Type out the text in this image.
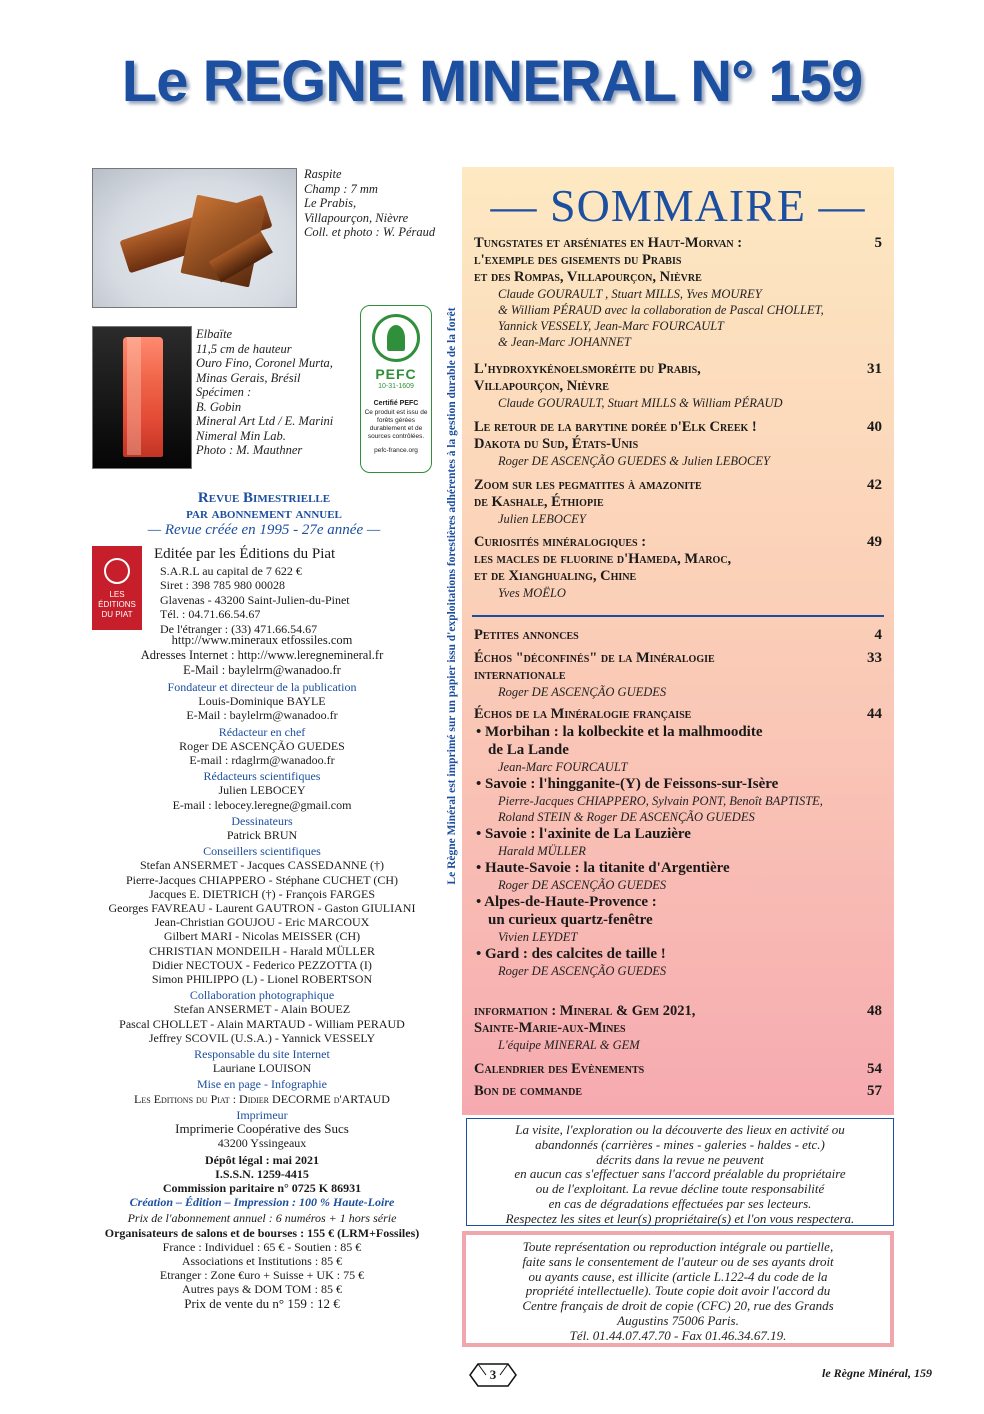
Le REGNE MINERAL N° 159
Raspite
Champ : 7 mm
Le Prabis,
Villapourçon, Nièvre
Coll. et photo : W. Péraud
Elbaïte
11,5 cm de hauteur
Ouro Fino, Coronel Murta,
Minas Gerais, Brésil
Spécimen :
B. Gobin
Mineral Art Ltd / E. Marini
Nimeral Min Lab.
Photo : M. Mauthner
PEFC
10-31-1609
Certifié PEFC
Ce produit est issu de forêts gérées durablement et de sources contrôlées.
pefc-france.org	Le Règne Minéral est imprimé sur un papier issu d'exploitations forestières adhérentes à la gestion durable de la forêt
Revue Bimestrielle
par abonnement annuel
— Revue créée en 1995 - 27e année —
LES ÉDITIONS DU PIAT
Editée par les Éditions du Piat
S.A.R.L au capital de 7 622 €
Siret : 398 785 980 00028
Glavenas - 43200 Saint-Julien-du-Pinet
Tél. : 04.71.66.54.67
De l'étranger : (33) 471.66.54.67
http://www.mineraux etfossiles.com
Adresses Internet : http://www.leregnemineral.fr
E-Mail : baylelrm@wanadoo.fr
Fondateur et directeur de la publication
Louis-Dominique BAYLE
E-Mail : baylelrm@wanadoo.fr
Rédacteur en chef
Roger DE ASCENÇÃO GUEDES
E-mail : rdaglrm@wanadoo.fr
Rédacteurs scientifiques
Julien LEBOCEY
E-mail : lebocey.leregne@gmail.com
Dessinateurs
Patrick BRUN
Conseillers scientifiques
Stefan ANSERMET - Jacques CASSEDANNE (†)
Pierre-Jacques CHIAPPERO - Stéphane CUCHET (CH)
Jacques E. DIETRICH (†) - François FARGES
Georges FAVREAU - Laurent GAUTRON - Gaston GIULIANI
Jean-Christian GOUJOU - Eric MARCOUX
Gilbert MARI - Nicolas MEISSER (CH)
CHRISTIAN MONDEILH - Harald MÜLLER
Didier NECTOUX - Federico PEZZOTTA (I)
Simon PHILIPPO (L) - Lionel ROBERTSON
Collaboration photographique
Stefan ANSERMET - Alain BOUEZ
Pascal CHOLLET - Alain MARTAUD - William PERAUD
Jeffrey SCOVIL (U.S.A.) - Yannick VESSELY
Responsable du site Internet
Lauriane LOUISON
Mise en page - Infographie
Les Editions du Piat : Didier DECORME d'ARTAUD
Imprimeur
Imprimerie Coopérative des Sucs
43200 Yssingeaux
Dépôt légal : mai 2021
I.S.S.N. 1259-4415
Commission paritaire n° 0725 K 86931
Création – Édition – Impression : 100 % Haute-Loire
Prix de l'abonnement annuel : 6 numéros + 1 hors série
Organisateurs de salons et de bourses : 155 € (LRM+Fossiles)
France : Individuel : 65 € - Soutien : 85 €
Associations et Institutions : 85 €
Etranger : Zone €uro + Suisse + UK : 75 €
Autres pays & DOM TOM : 85 €
Prix de vente du n° 159 : 12 €
— SOMMAIRE —
Tungstates et arséniates en Haut-Morvan :
l'exemple des gisements du Prabis
et des Rompas, Villapourçon, Nièvre
5
Claude GOURAULT , Stuart MILLS, Yves MOUREY
& William PÉRAUD avec la collaboration de Pascal CHOLLET,
Yannick VESSELY, Jean-Marc FOURCAULT
& Jean-Marc JOHANNET
L'hydroxykénoelsmoréite du Prabis,
Villapourçon, Nièvre
31
Claude GOURAULT, Stuart MILLS & William PÉRAUD
Le retour de la barytine dorée d'Elk Creek !
Dakota du Sud, États-Unis
40
Roger DE ASCENÇÃO GUEDES & Julien LEBOCEY
Zoom sur les pegmatites à amazonite
de Kashale, Éthiopie
42
Julien LEBOCEY
Curiosités minéralogiques :
les macles de fluorine d'Hameda, Maroc,
et de Xianghualing, Chine
49
Yves MOËLO
Petites annonces	4
Échos "déconfinés" de la Minéralogie
internationale
33
Roger DE ASCENÇÃO GUEDES
Échos de la Minéralogie française	44
• Morbihan : la kolbeckite et la malhmoodite
de La Lande
Jean-Marc FOURCAULT
• Savoie : l'hingganite-(Y) de Feissons-sur-Isère
Pierre-Jacques CHIAPPERO, Sylvain PONT, Benoît BAPTISTE,
Roland STEIN & Roger DE ASCENÇÃO GUEDES
• Savoie : l'axinite de La Lauzière
Harald MÜLLER
• Haute-Savoie : la titanite d'Argentière
Roger DE ASCENÇÃO GUEDES
• Alpes-de-Haute-Provence :
un curieux quartz-fenêtre
Vivien LEYDET
• Gard : des calcites de taille !
Roger DE ASCENÇÃO GUEDES
information : Mineral & Gem 2021,
Sainte-Marie-aux-Mines
48
L'équipe MINERAL & GEM
Calendrier des Evènements	54
Bon de commande	57
La visite, l'exploration ou la découverte des lieux en activité ou
abandonnés (carrières - mines - galeries - haldes - etc.)
décrits dans la revue ne peuvent
en aucun cas s'effectuer sans l'accord préalable du propriétaire
ou de l'exploitant. La revue décline toute responsabilité
en cas de dégradations effectuées par ses lecteurs.
Respectez les sites et leur(s) propriétaire(s) et l'on vous respectera.
Toute représentation ou reproduction intégrale ou partielle,
faite sans le consentement de l'auteur ou de ses ayants droit
ou ayants cause, est illicite (article L.122-4 du code de la
propriété intellectuelle). Toute copie doit avoir l'accord du
Centre français de droit de copie (CFC) 20, rue des Grands
Augustins 75006 Paris.
Tél. 01.44.07.47.70 - Fax 01.46.34.67.19.
$_3$	le Règne Minéral, 159
